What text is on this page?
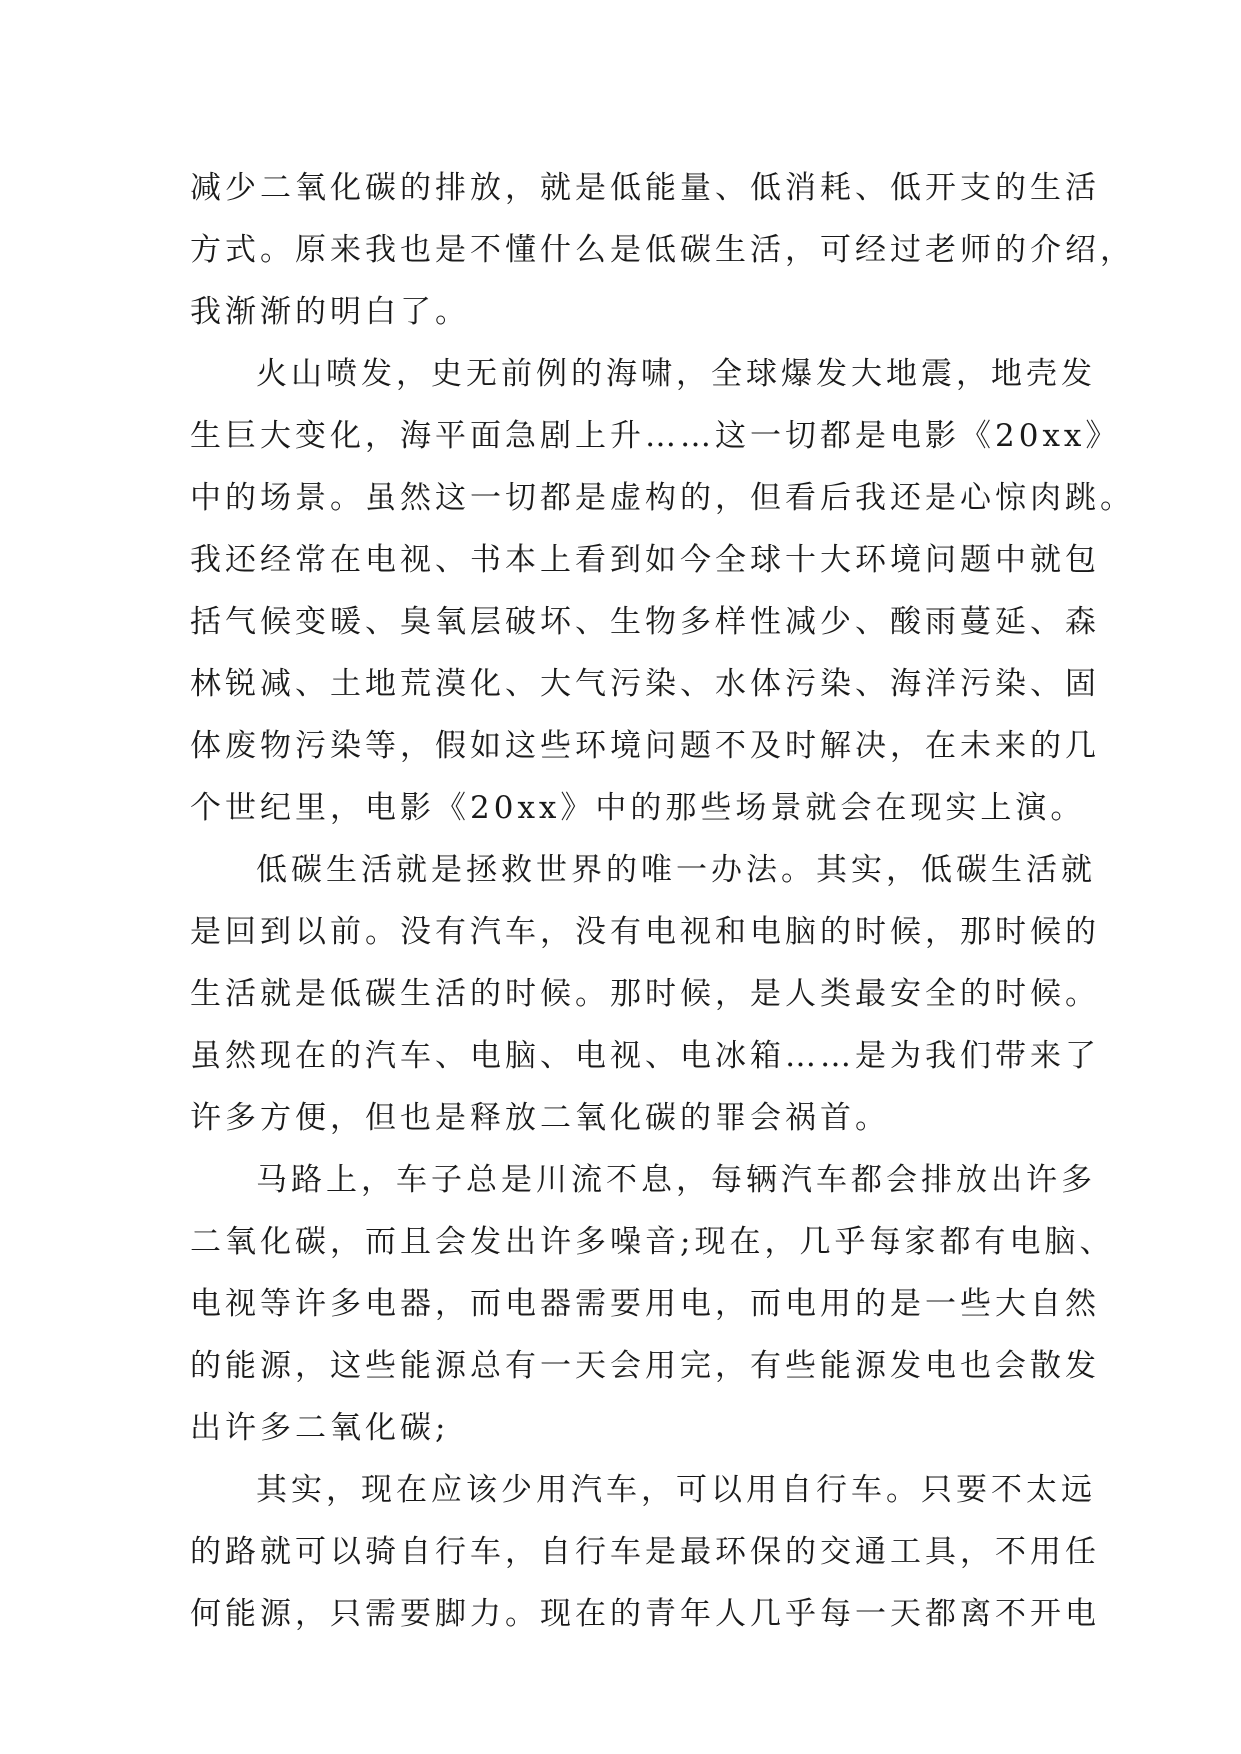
减少二氧化碳的排放，就是低能量、低消耗、低开支的生活
方式。原来我也是不懂什么是低碳生活，可经过老师的介绍，
我渐渐的明白了。
火山喷发，史无前例的海啸，全球爆发大地震，地壳发
生巨大变化，海平面急剧上升……这一切都是电影《20xx》
中的场景。虽然这一切都是虚构的，但看后我还是心惊肉跳。
我还经常在电视、书本上看到如今全球十大环境问题中就包
括气候变暖、臭氧层破坏、生物多样性减少、酸雨蔓延、森
林锐减、土地荒漠化、大气污染、水体污染、海洋污染、固
体废物污染等，假如这些环境问题不及时解决，在未来的几
个世纪里，电影《20xx》中的那些场景就会在现实上演。
低碳生活就是拯救世界的唯一办法。其实，低碳生活就
是回到以前。没有汽车，没有电视和电脑的时候，那时候的
生活就是低碳生活的时候。那时候，是人类最安全的时候。
虽然现在的汽车、电脑、电视、电冰箱……是为我们带来了
许多方便，但也是释放二氧化碳的罪会祸首。
马路上，车子总是川流不息，每辆汽车都会排放出许多
二氧化碳，而且会发出许多噪音;现在，几乎每家都有电脑、
电视等许多电器，而电器需要用电，而电用的是一些大自然
的能源，这些能源总有一天会用完，有些能源发电也会散发
出许多二氧化碳;
其实，现在应该少用汽车，可以用自行车。只要不太远
的路就可以骑自行车，自行车是最环保的交通工具，不用任
何能源，只需要脚力。现在的青年人几乎每一天都离不开电
